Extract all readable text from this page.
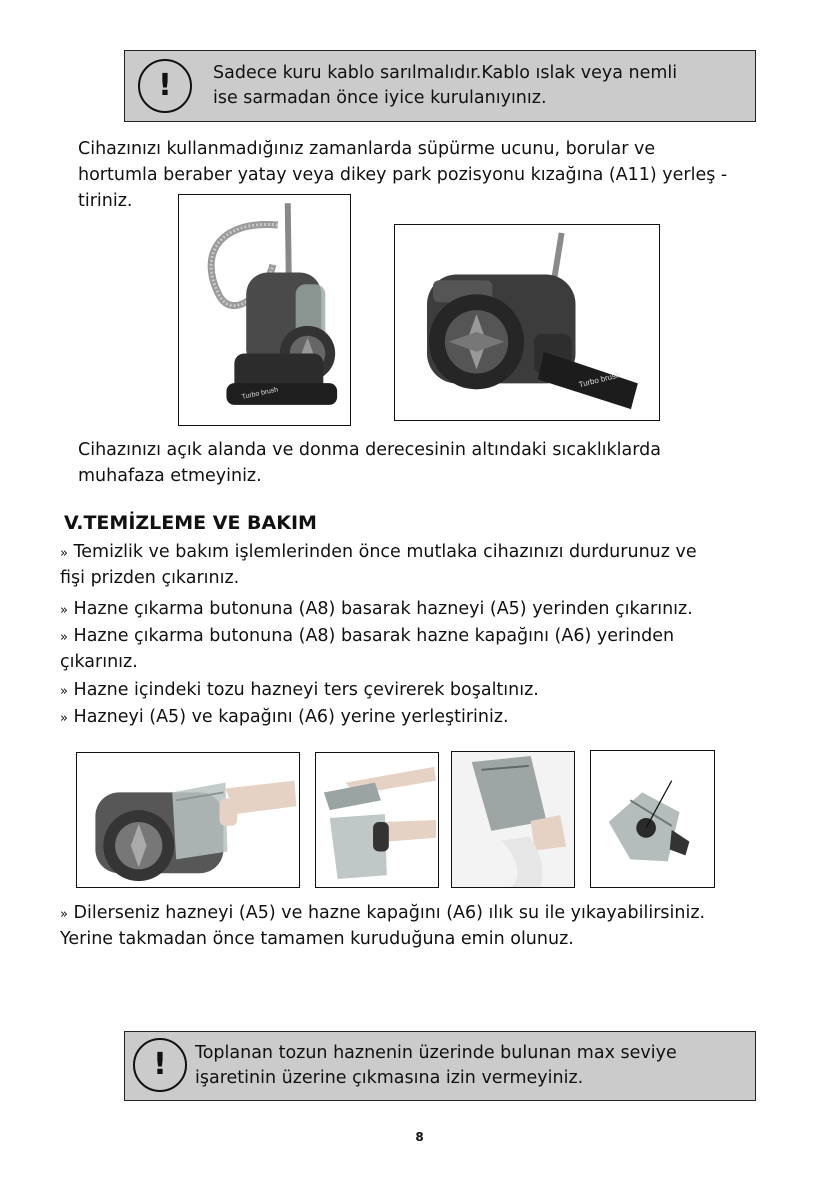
! Sadece kuru kablo sarılmalıdır.Kablo ıslak veya nemli
ise sarmadan önce iyice kurulanıyınız.
Cihazınızı kullanmadığınız zamanlarda süpürme ucunu, borular ve
hortumla beraber yatay veya dikey park pozisyonu kızağına (A11) yerleş -
tiriniz.
Turbo brush
Turbo brush
Cihazınızı açık alanda ve donma derecesinin altındaki sıcaklıklarda
muhafaza etmeyiniz.
V.TEMİZLEME VE BAKIM
» Temizlik ve bakım işlemlerinden önce mutlaka cihazınızı durdurunuz ve
fişi prizden çıkarınız.
» Hazne çıkarma butonuna (A8) basarak hazneyi (A5) yerinden çıkarınız.
» Hazne çıkarma butonuna (A8) basarak hazne kapağını (A6) yerinden
çıkarınız.
» Hazne içindeki tozu hazneyi ters çevirerek boşaltınız.
» Hazneyi (A5) ve kapağını (A6) yerine yerleştiriniz.
» Dilerseniz hazneyi (A5) ve hazne kapağını (A6) ılık su ile yıkayabilirsiniz.
Yerine takmadan önce tamamen kuruduğuna emin olunuz.
! Toplanan tozun haznenin üzerinde bulunan max seviye
işaretinin üzerine çıkmasına izin vermeyiniz.
8
